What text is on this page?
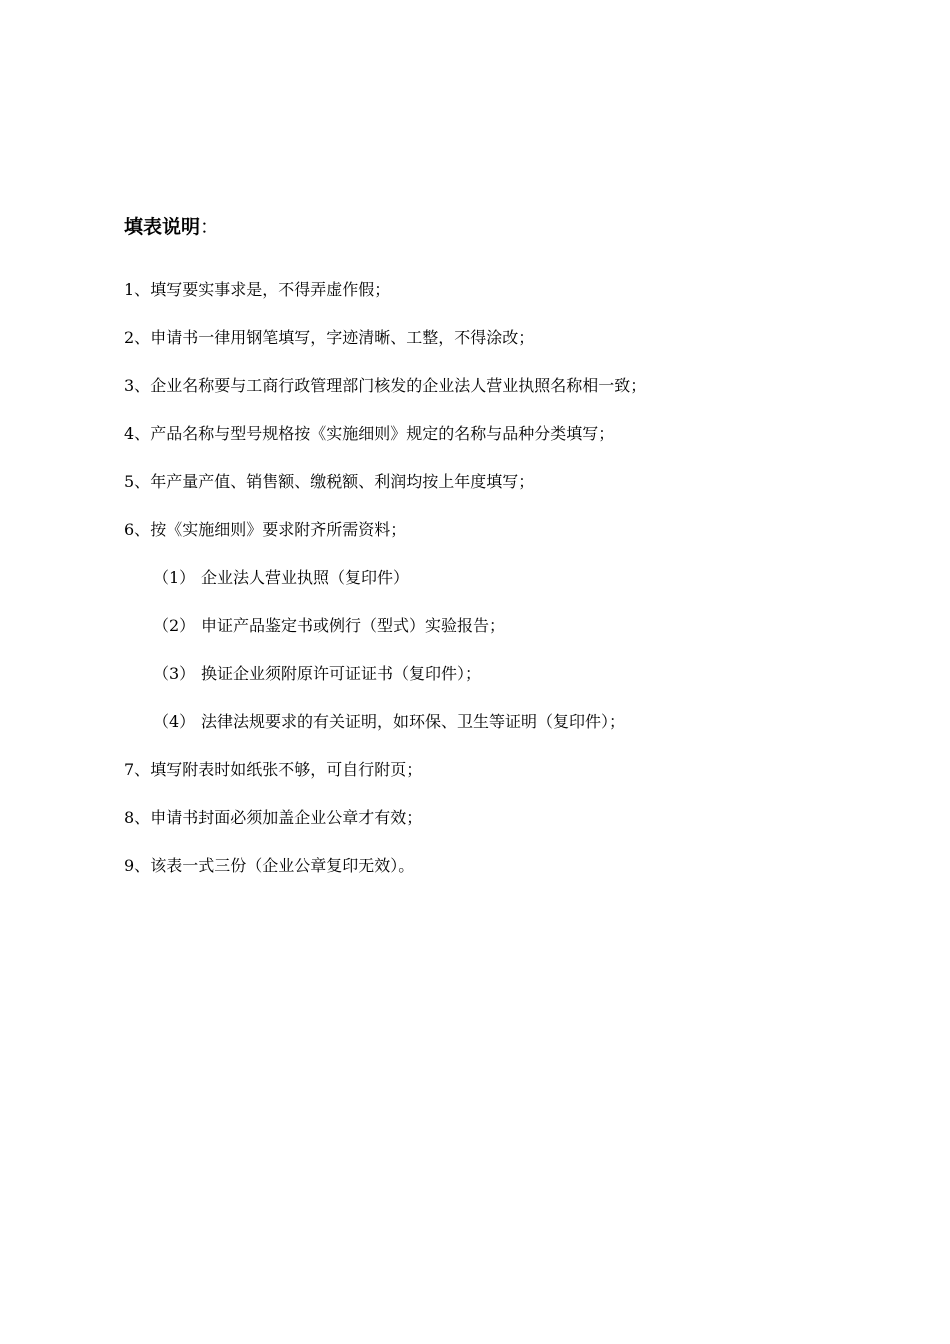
填表说明：
1、 填写要实事求是，不得弄虚作假；
2、 申请书一律用钢笔填写，字迹清晰、工整，不得涂改；
3、 企业名称要与工商行政管理部门核发的企业法人营业执照名称相一致；
4、 产品名称与型号规格按《实施细则》规定的名称与品种分类填写；
5、 年产量产值、销售额、缴税额、利润均按上年度填写；
6、 按《实施细则》要求附齐所需资料；
（1） 企业法人营业执照（复印件）
（2） 申证产品鉴定书或例行（型式）实验报告；
（3） 换证企业须附原许可证证书（复印件）；
（4） 法律法规要求的有关证明，如环保、卫生等证明（复印件）；
7、 填写附表时如纸张不够，可自行附页；
8、 申请书封面必须加盖企业公章才有效；
9、 该表一式三份（企业公章复印无效）。
